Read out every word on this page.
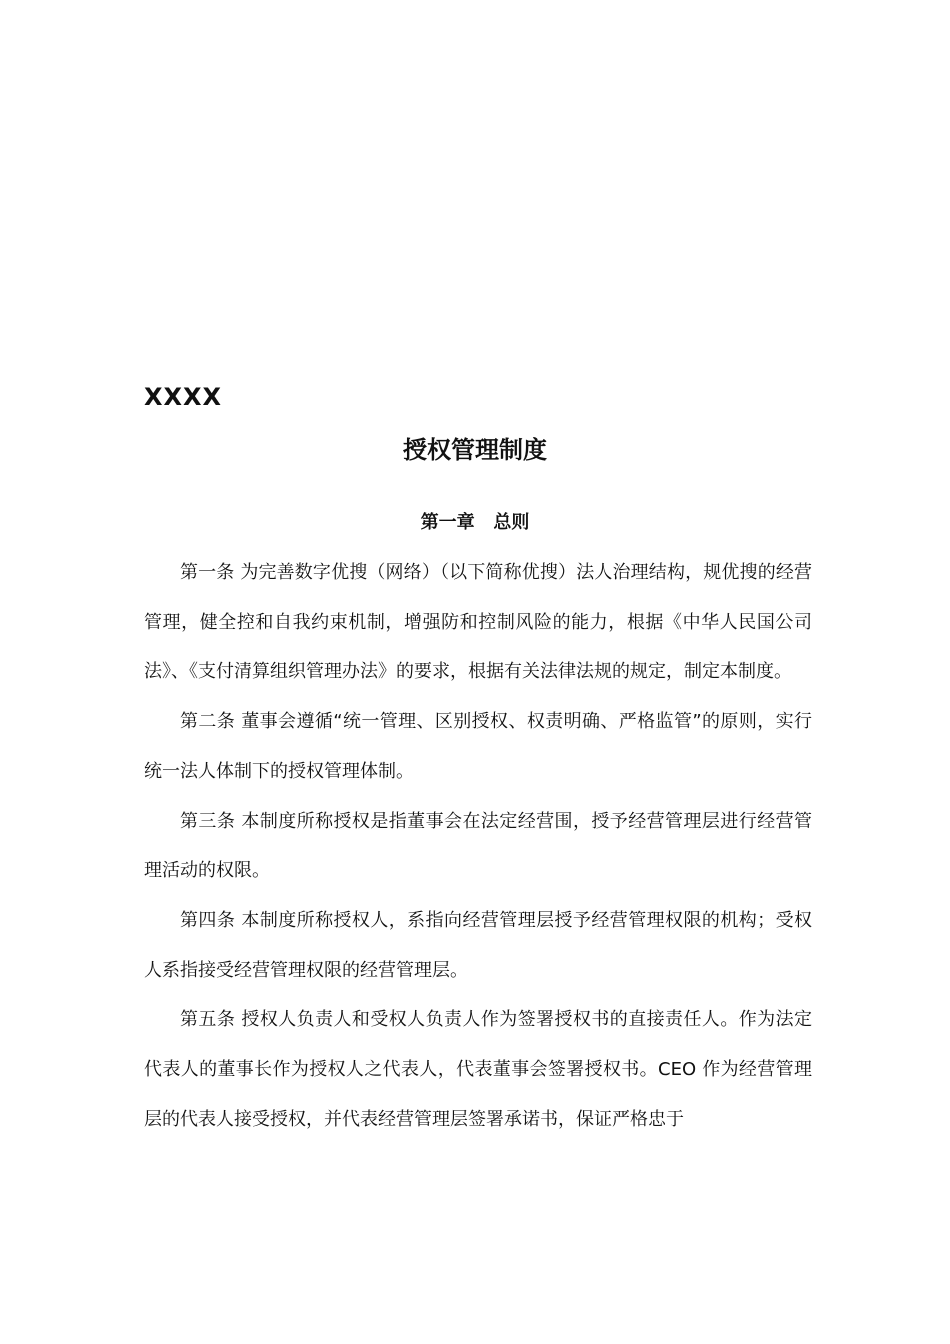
XXXX
授权管理制度
第一章   总则

第一条 为完善数字优搜（网络）（以下简称优搜）法人治理结构，规优搜的经营管理，健全控和自我约束机制，增强防和控制风险的能力，根据《中华人民国公司法》、《支付清算组织管理办法》的要求，根据有关法律法规的规定，制定本制度。

第二条 董事会遵循“统一管理、区别授权、权责明确、严格监管”的原则，实行统一法人体制下的授权管理体制。

第三条 本制度所称授权是指董事会在法定经营围，授予经营管理层进行经营管理活动的权限。

第四条 本制度所称授权人，系指向经营管理层授予经营管理权限的机构；受权人系指接受经营管理权限的经营管理层。

第五条 授权人负责人和受权人负责人作为签署授权书的直接责任人。作为法定代表人的董事长作为授权人之代表人，代表董事会签署授权书。CEO 作为经营管理层的代表人接受授权，并代表经营管理层签署承诺书，保证严格忠于
